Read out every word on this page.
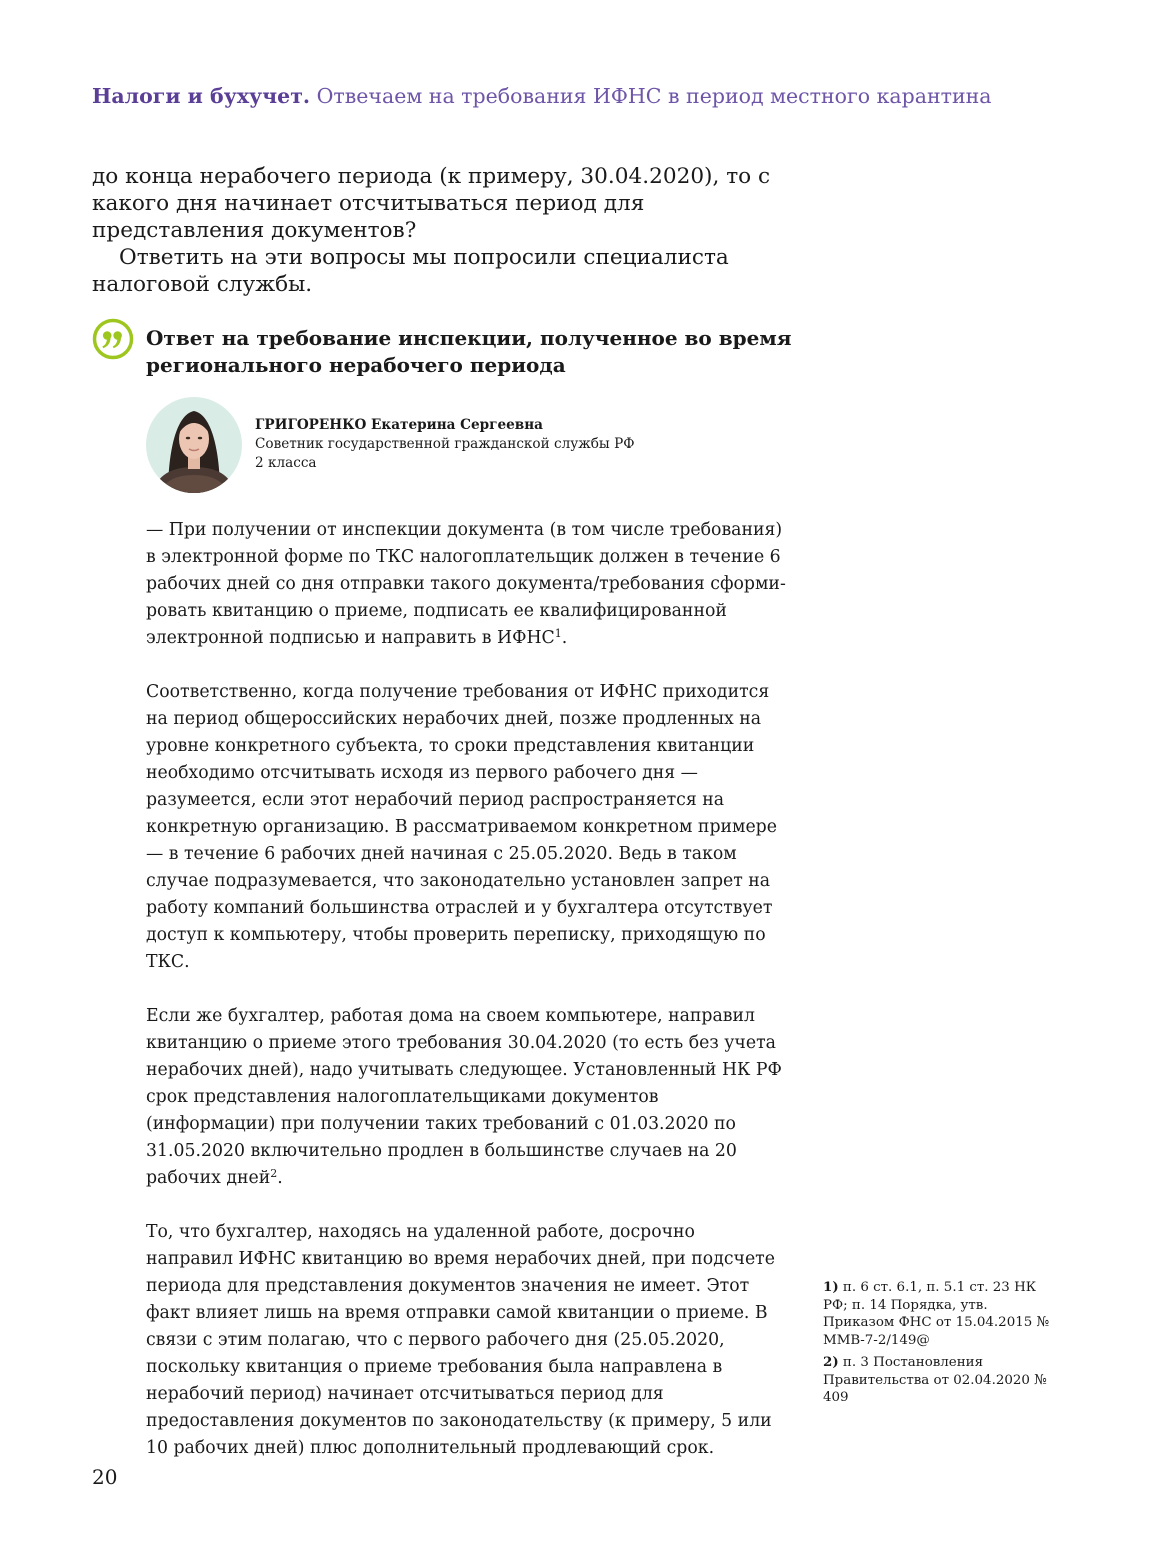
Налоги и бухучет. Отвечаем на требования ИФНС в период местного карантина

до конца нерабочего периода (к примеру, 30.04.2020), то с какого дня начинает отсчитываться период для представления документов?

Ответить на эти вопросы мы попросили специалиста налоговой службы.

Ответ на требование инспекции, полученное во время регионального нерабочего периода
ГРИГОРЕНКО Екатерина Сергеевна
Советник государственной гражданской службы РФ
2 класса

— При получении от инспекции документа (в том числе требования) в электронной форме по ТКС налогоплательщик должен в течение 6 рабочих дней со дня отправки такого документа/требования сформировать квитанцию о приеме, подписать ее квалифицированной электронной подписью и направить в ИФНС$^1$.

Соответственно, когда получение требования от ИФНС приходится на период общероссийских нерабочих дней, позже продленных на уровне конкретного субъекта, то сроки представления квитанции необходимо отсчитывать исходя из первого рабочего дня — разумеется, если этот нерабочий период распространяется на конкретную организацию. В рассматриваемом конкретном примере — в течение 6 рабочих дней начиная с 25.05.2020. Ведь в таком случае подразумевается, что законодательно установлен запрет на работу компаний большинства отраслей и у бухгалтера отсутствует доступ к компьютеру, чтобы проверить переписку, приходящую по ТКС.

Если же бухгалтер, работая дома на своем компьютере, направил квитанцию о приеме этого требования 30.04.2020 (то есть без учета нерабочих дней), надо учитывать следующее. Установленный НК РФ срок представления налогоплательщиками документов (информации) при получении таких требований с 01.03.2020 по 31.05.2020 включительно продлен в большинстве случаев на 20 рабочих дней$^2$.

То, что бухгалтер, находясь на удаленной работе, досрочно направил ИФНС квитанцию во время нерабочих дней, при подсчете периода для представления документов значения не имеет. Этот факт влияет лишь на время отправки самой квитанции о приеме. В связи с этим полагаю, что с первого рабочего дня (25.05.2020, поскольку квитанция о приеме требования была направлена в нерабочий период) начинает отсчитываться период для предоставления документов по законодательству (к примеру, 5 или 10 рабочих дней) плюс дополнительный продлевающий срок.

1) п. 6 ст. 6.1, п. 5.1 ст. 23 НК РФ; п. 14 Порядка, утв. Приказом ФНС от 15.04.2015 № ММВ-7-2/149@
2) п. 3 Постановления Правительства от 02.04.2020 № 409
20
